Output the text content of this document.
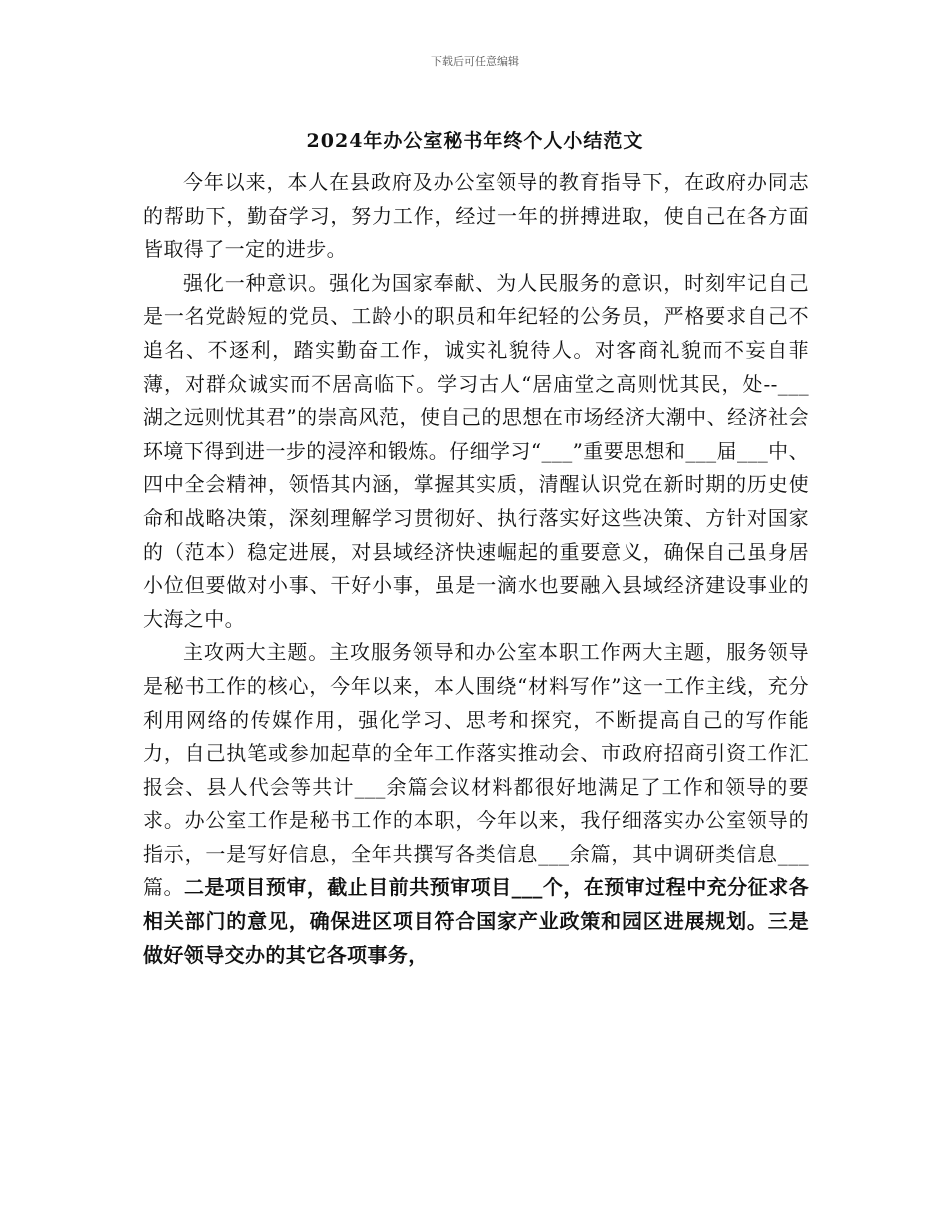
下载后可任意编辑
2024年办公室秘书年终个人小结范文

今年以来，本人在县政府及办公室领导的教育指导下，在政府办同志的帮助下，勤奋学习，努力工作，经过一年的拼搏进取，使自己在各方面皆取得了一定的进步。

强化一种意识。强化为国家奉献、为人民服务的意识，时刻牢记自己是一名党龄短的党员、工龄小的职员和年纪轻的公务员，严格要求自己不追名、不逐利，踏实勤奋工作，诚实礼貌待人。对客商礼貌而不妄自菲薄，对群众诚实而不居高临下。学习古人“居庙堂之高则忧其民，处--___湖之远则忧其君”的崇高风范，使自己的思想在市场经济大潮中、经济社会环境下得到进一步的浸淬和锻炼。仔细学习“___”重要思想和___届___中、四中全会精神，领悟其内涵，掌握其实质，清醒认识党在新时期的历史使命和战略决策，深刻理解学习贯彻好、执行落实好这些决策、方针对国家的（范本）稳定进展，对县域经济快速崛起的重要意义，确保自己虽身居小位但要做对小事、干好小事，虽是一滴水也要融入县域经济建设事业的大海之中。

主攻两大主题。主攻服务领导和办公室本职工作两大主题，服务领导是秘书工作的核心，今年以来，本人围绕“材料写作”这一工作主线，充分利用网络的传媒作用，强化学习、思考和探究，不断提高自己的写作能力，自己执笔或参加起草的全年工作落实推动会、市政府招商引资工作汇报会、县人代会等共计___余篇会议材料都很好地满足了工作和领导的要求。办公室工作是秘书工作的本职，今年以来，我仔细落实办公室领导的指示，一是写好信息，全年共撰写各类信息___余篇，其中调研类信息___篇。二是项目预审，截止目前共预审项目___个，在预审过程中充分征求各相关部门的意见，确保进区项目符合国家产业政策和园区进展规划。三是做好领导交办的其它各项事务，
